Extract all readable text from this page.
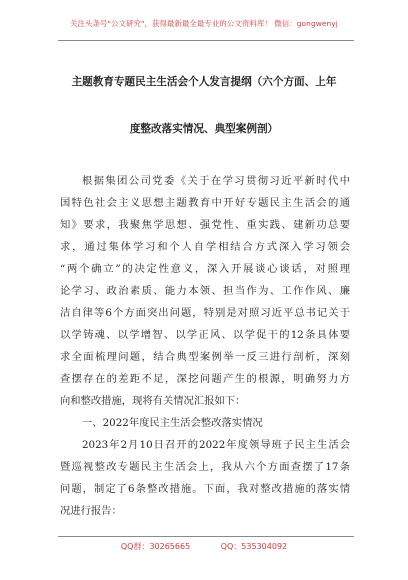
关注头条号"公文研究"，获得最新最全最专业的公文资料库！ 微信：gongwenyj
主题教育专题民主生活会个人发言提纲（六个方面、上年
度整改落实情况、典型案例剖）
根据集团公司党委《关于在学习贯彻习近平新时代中
国特色社会主义思想主题教育中开好专题民主生活会的通
知》要求，我聚焦学思想、强党性、重实践、建新功总要
求，通过集体学习和个人自学相结合方式深入学习领会
“两个确立”的决定性意义，深入开展谈心谈话，对照理
论学习、政治素质、能力本领、担当作为、工作作风、廉
洁自律等6个方面突出问题，特别是对照习近平总书记关于
以学铸魂、以学增智、以学正风、以学促干的12条具体要
求全面梳理问题，结合典型案例举一反三进行剖析，深刻
查摆存在的差距不足，深挖问题产生的根源，明确努力方
向和整改措施，现将有关情况汇报如下：
一、2022年度民主生活会整改落实情况
2023年2月10日召开的2022年度领导班子民主生活会
暨巡视整改专题民主生活会上，我从六个方面查摆了17条
问题，制定了6条整改措施。下面，我对整改措施的落实情
况进行报告：
QQ群：30265665	QQ：535304092
